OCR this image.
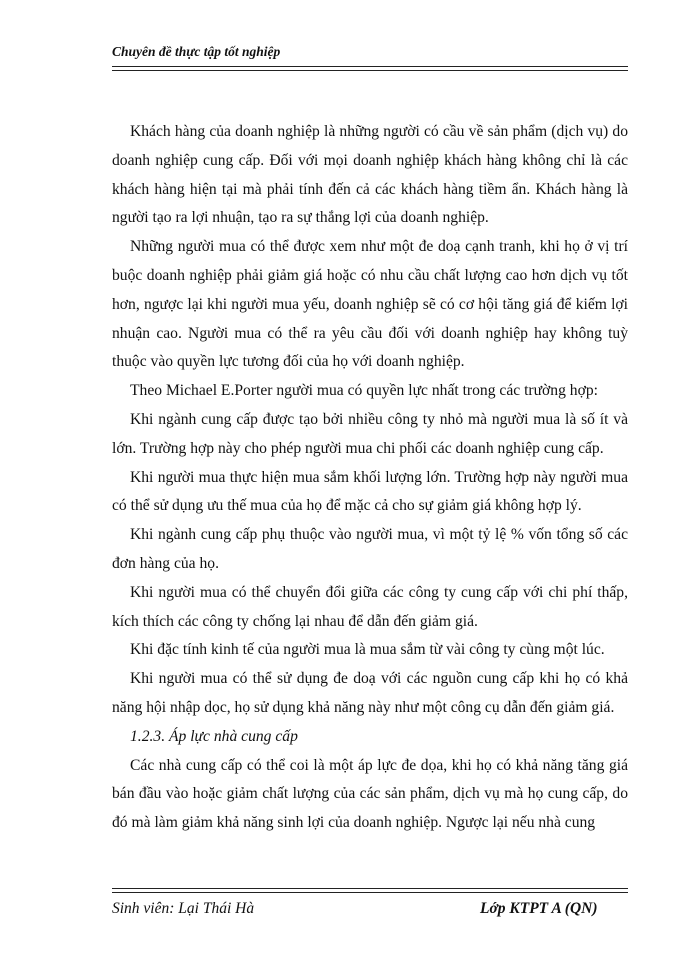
Chuyên đề thực tập tốt nghiệp

Khách hàng của doanh nghiệp là những người có cầu về sản phẩm (dịch vụ) do doanh nghiệp cung cấp. Đối với mọi doanh nghiệp khách hàng không chỉ là các khách hàng hiện tại mà phải tính đến cả các khách hàng tiềm ẩn. Khách hàng là người tạo ra lợi nhuận, tạo ra sự thắng lợi của doanh nghiệp.

Những người mua có thể được xem như một đe doạ cạnh tranh, khi họ ở vị trí buộc doanh nghiệp phải giảm giá hoặc có nhu cầu chất lượng cao hơn dịch vụ tốt hơn, ngược lại khi người mua yếu, doanh nghiệp sẽ có cơ hội tăng giá để kiếm lợi nhuận cao. Người mua có thể ra yêu cầu đối với doanh nghiệp hay không tuỳ thuộc vào quyền lực tương đối của họ với doanh nghiệp.

Theo Michael E.Porter người mua có quyền lực nhất trong các trường hợp:

Khi ngành cung cấp được tạo bởi nhiều công ty nhỏ mà người mua là số ít và lớn. Trường hợp này cho phép người mua chi phối các doanh nghiệp cung cấp.

Khi người mua thực hiện mua sắm khối lượng lớn. Trường hợp này người mua có thể sử dụng ưu thế mua của họ để mặc cả cho sự giảm giá không hợp lý.

Khi ngành cung cấp phụ thuộc vào người mua, vì một tỷ lệ % vốn tổng số các đơn hàng của họ.

Khi người mua có thể chuyển đổi giữa các công ty cung cấp với chi phí thấp, kích thích các công ty chống lại nhau để dẫn đến giảm giá.

Khi đặc tính kinh tế của người mua là mua sắm từ vài công ty cùng một lúc.

Khi người mua có thể sử dụng đe doạ với các nguồn cung cấp khi họ có khả năng hội nhập dọc, họ sử dụng khả năng này như một công cụ dẫn đến giảm giá.

1.2.3. Áp lực nhà cung cấp

Các nhà cung cấp có thể coi là một áp lực đe dọa, khi họ có khả năng tăng giá bán đầu vào hoặc giảm chất lượng của các sản phẩm, dịch vụ mà họ cung cấp, do đó mà làm giảm khả năng sinh lợi của doanh nghiệp. Ngược lại nếu nhà cung

Sinh viên: Lại Thái Hà	Lớp KTPT A (QN)
